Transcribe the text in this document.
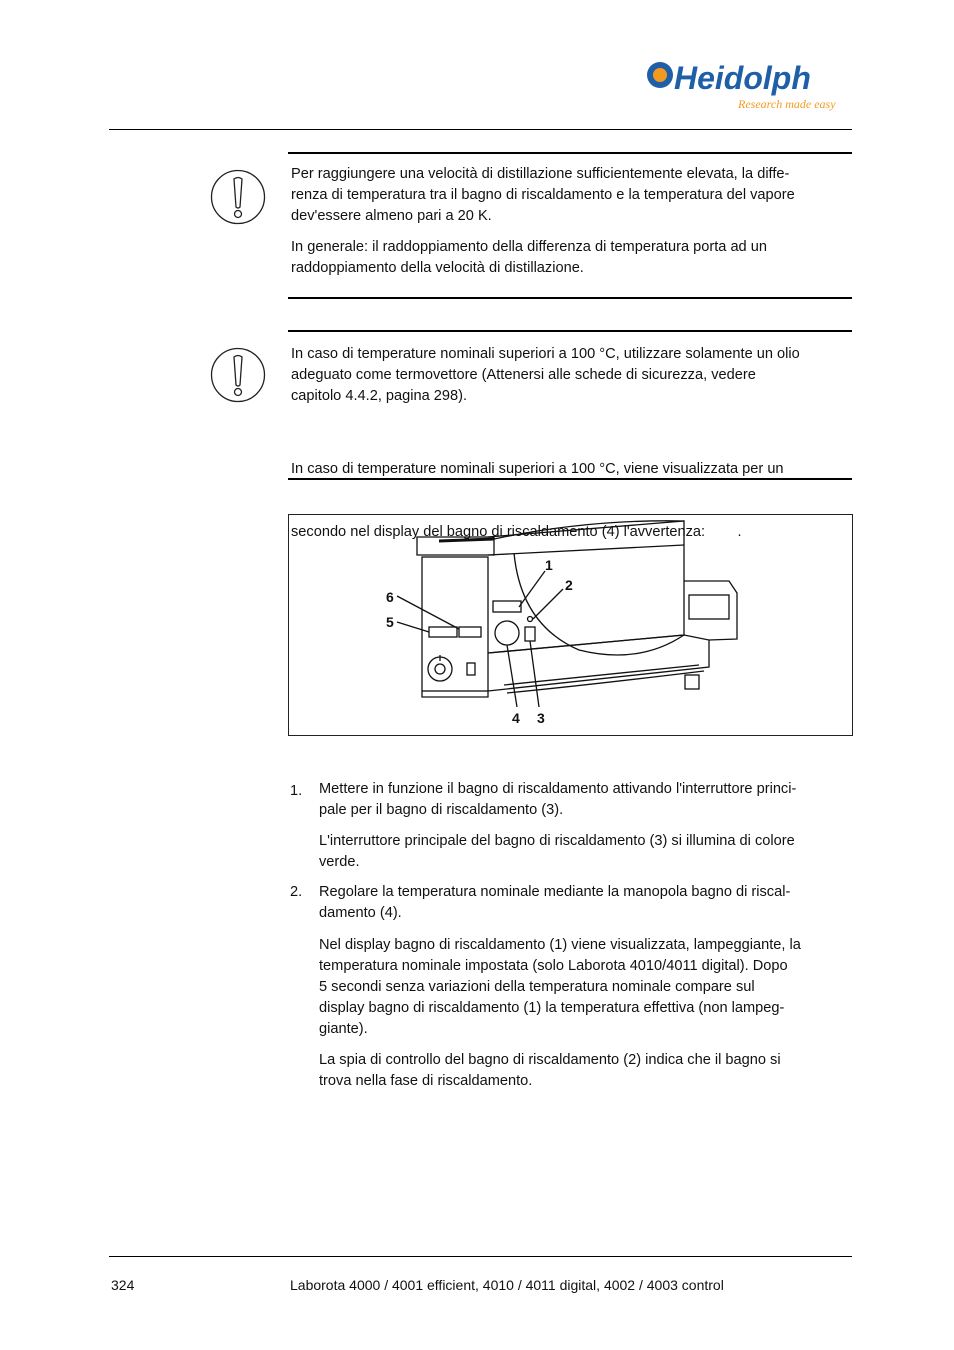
Heidolph
Research made easy
Per raggiungere una velocità di distillazione sufficientemente elevata, la diffe-
renza di temperatura tra il bagno di riscaldamento e la temperatura del vapore
dev'essere almeno pari a 20 K.
In generale: il raddoppiamento della differenza di temperatura porta ad un
raddoppiamento della velocità di distillazione.
In caso di temperature nominali superiori a 100 °C, utilizzare solamente un olio
adeguato come termovettore (Attenersi alle schede di sicurezza, vedere
capitolo 4.4.2, pagina 298).

In caso di temperature nominali superiori a 100 °C, viene visualizzata per un

secondo nel display del bagno di riscaldamento (4) l'avvertenza:        .

1
2
3
4
5
6
1. Mettere in funzione il bagno di riscaldamento attivando l'interruttore princi-
pale per il bagno di riscaldamento (3).
L'interruttore principale del bagno di riscaldamento (3) si illumina di colore
verde.
2. Regolare la temperatura nominale mediante la manopola bagno di riscal-
damento (4).
Nel display bagno di riscaldamento (1) viene visualizzata, lampeggiante, la
temperatura nominale impostata (solo Laborota 4010/4011 digital). Dopo
5 secondi senza variazioni della temperatura nominale compare sul
display bagno di riscaldamento (1) la temperatura effettiva (non lampeg-
giante).
La spia di controllo del bagno di riscaldamento (2) indica che il bagno si
trova nella fase di riscaldamento.
324	Laborota 4000 / 4001 efficient, 4010 / 4011 digital, 4002 / 4003 control
